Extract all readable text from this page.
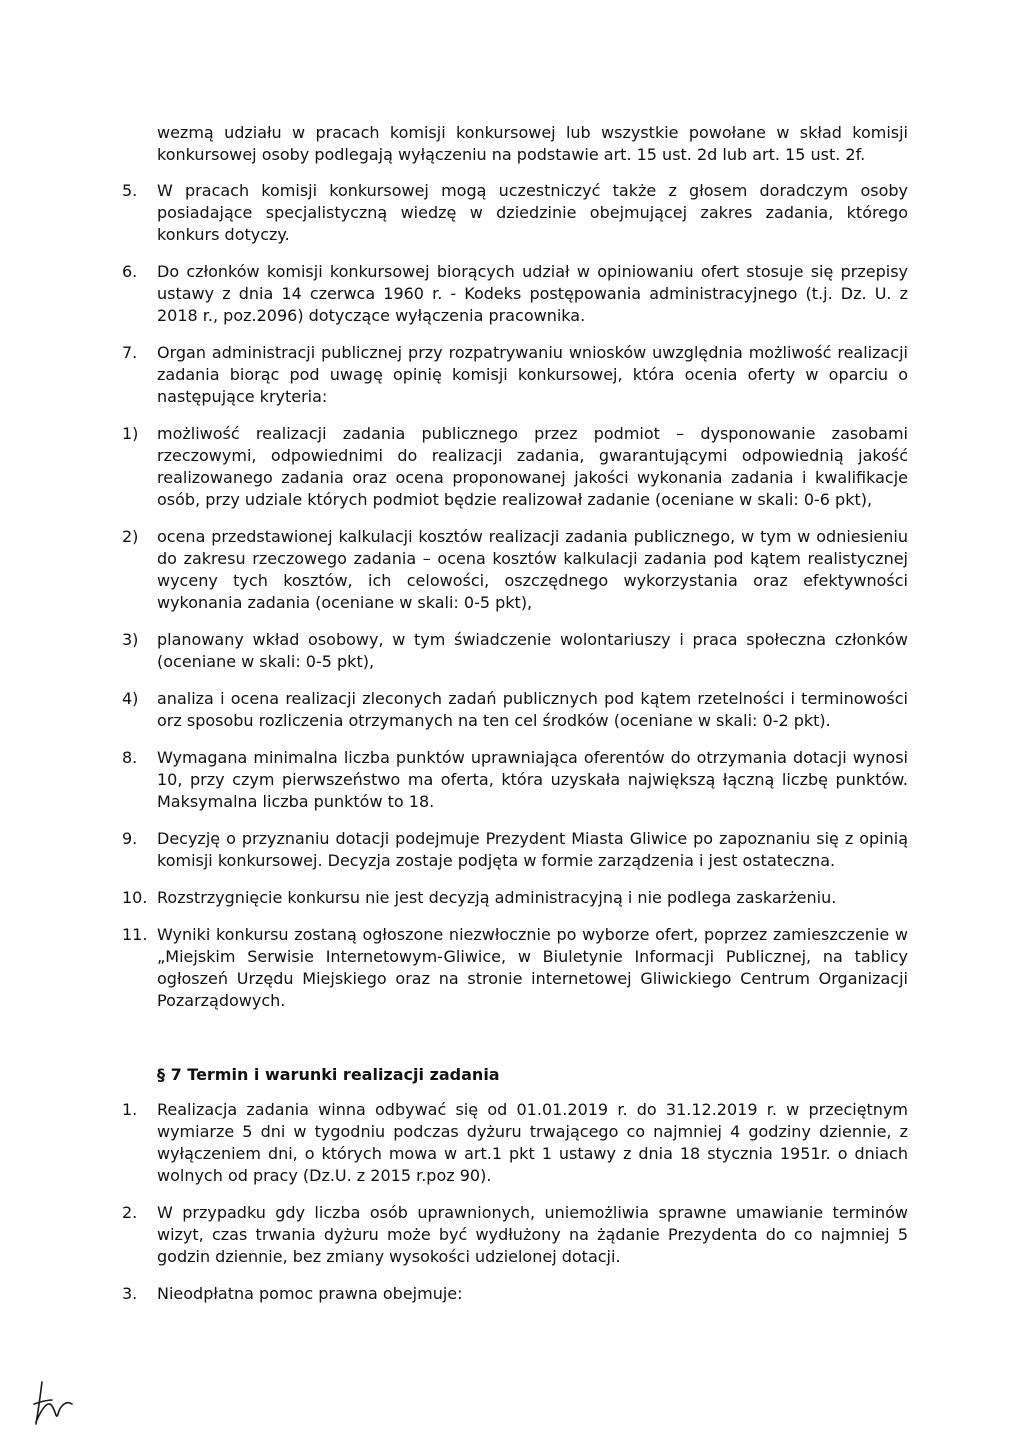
wezmą udziału w pracach komisji konkursowej lub wszystkie powołane w skład komisji konkursowej osoby podlegają wyłączeniu na podstawie art. 15 ust. 2d lub art. 15 ust. 2f.

5. W pracach komisji konkursowej mogą uczestniczyć także z głosem doradczym osoby posiadające specjalistyczną wiedzę w dziedzinie obejmującej zakres zadania, którego konkurs dotyczy.

6. Do członków komisji konkursowej biorących udział w opiniowaniu ofert stosuje się przepisy ustawy z dnia 14 czerwca 1960 r. - Kodeks postępowania administracyjnego (t.j. Dz. U. z 2018 r., poz.2096) dotyczące wyłączenia pracownika.

7. Organ administracji publicznej przy rozpatrywaniu wniosków uwzględnia możliwość realizacji zadania biorąc pod uwagę opinię komisji konkursowej, która ocenia oferty w oparciu o następujące kryteria:

1) możliwość realizacji zadania publicznego przez podmiot – dysponowanie zasobami rzeczowymi, odpowiednimi do realizacji zadania, gwarantującymi odpowiednią jakość realizowanego zadania oraz ocena proponowanej jakości wykonania zadania i kwalifikacje osób, przy udziale których podmiot będzie realizował zadanie (oceniane w skali: 0-6 pkt),

2) ocena przedstawionej kalkulacji kosztów realizacji zadania publicznego, w tym w odniesieniu do zakresu rzeczowego zadania – ocena kosztów kalkulacji zadania pod kątem realistycznej wyceny tych kosztów, ich celowości, oszczędnego wykorzystania oraz efektywności wykonania zadania (oceniane w skali: 0-5 pkt),

3) planowany wkład osobowy, w tym świadczenie wolontariuszy i praca społeczna członków (oceniane w skali: 0-5 pkt),

4) analiza i ocena realizacji zleconych zadań publicznych pod kątem rzetelności i terminowości orz sposobu rozliczenia otrzymanych na ten cel środków (oceniane w skali: 0-2 pkt).

8. Wymagana minimalna liczba punktów uprawniająca oferentów do otrzymania dotacji wynosi 10, przy czym pierwszeństwo ma oferta, która uzyskała największą łączną liczbę punktów. Maksymalna liczba punktów to 18.

9. Decyzję o przyznaniu dotacji podejmuje Prezydent Miasta Gliwice po zapoznaniu się z opinią komisji konkursowej. Decyzja zostaje podjęta w formie zarządzenia i jest ostateczna.

10. Rozstrzygnięcie konkursu nie jest decyzją administracyjną i nie podlega zaskarżeniu.

11. Wyniki konkursu zostaną ogłoszone niezwłocznie po wyborze ofert, poprzez zamieszczenie w „Miejskim Serwisie Internetowym-Gliwice, w Biuletynie Informacji Publicznej, na tablicy ogłoszeń Urzędu Miejskiego oraz na stronie internetowej Gliwickiego Centrum Organizacji Pozarządowych.

§ 7 Termin i warunki realizacji zadania

1. Realizacja zadania winna odbywać się od 01.01.2019 r. do 31.12.2019 r. w przeciętnym wymiarze 5 dni w tygodniu podczas dyżuru trwającego co najmniej 4 godziny dziennie, z wyłączeniem dni, o których mowa w art.1 pkt 1 ustawy z dnia 18 stycznia 1951r. o dniach wolnych od pracy (Dz.U. z 2015 r.poz 90).

2. W przypadku gdy liczba osób uprawnionych, uniemożliwia sprawne umawianie terminów wizyt, czas trwania dyżuru może być wydłużony na żądanie Prezydenta do co najmniej 5 godzin dziennie, bez zmiany wysokości udzielonej dotacji.

3. Nieodpłatna pomoc prawna obejmuje:
